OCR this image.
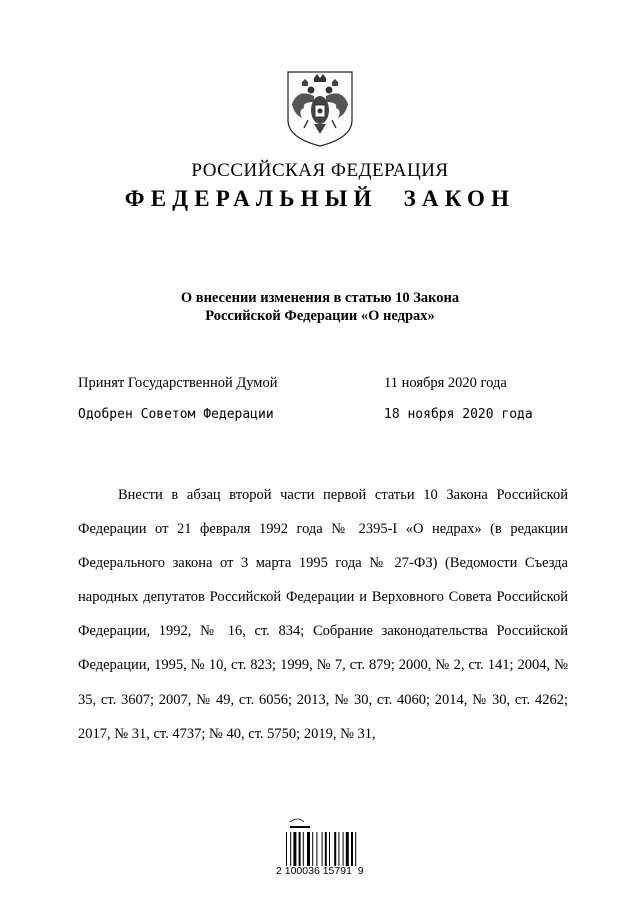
РОССИЙСКАЯ ФЕДЕРАЦИЯ
ФЕДЕРАЛЬНЫЙ ЗАКОН
О внесении изменения в статью 10 Закона
Российской Федерации «О недрах»
Принят Государственной Думой	11 ноября 2020 года
Одобрен Советом Федерации	18 ноября 2020 года

Внести в абзац второй части первой статьи 10 Закона Российской Федерации от 21 февраля 1992 года № 2395-I «О недрах» (в редакции Федерального закона от 3 марта 1995 года № 27-ФЗ) (Ведомости Съезда народных депутатов Российской Федерации и Верховного Совета Российской Федерации, 1992, № 16, ст. 834; Собрание законодательства Российской Федерации, 1995, № 10, ст. 823; 1999, № 7, ст. 879; 2000, № 2, ст. 141; 2004, № 35, ст. 3607; 2007, № 49, ст. 6056; 2013, № 30, ст. 4060; 2014, № 30, ст. 4262; 2017, № 31, ст. 4737; № 40, ст. 5750; 2019, № 31,

2 100036 15791  9
